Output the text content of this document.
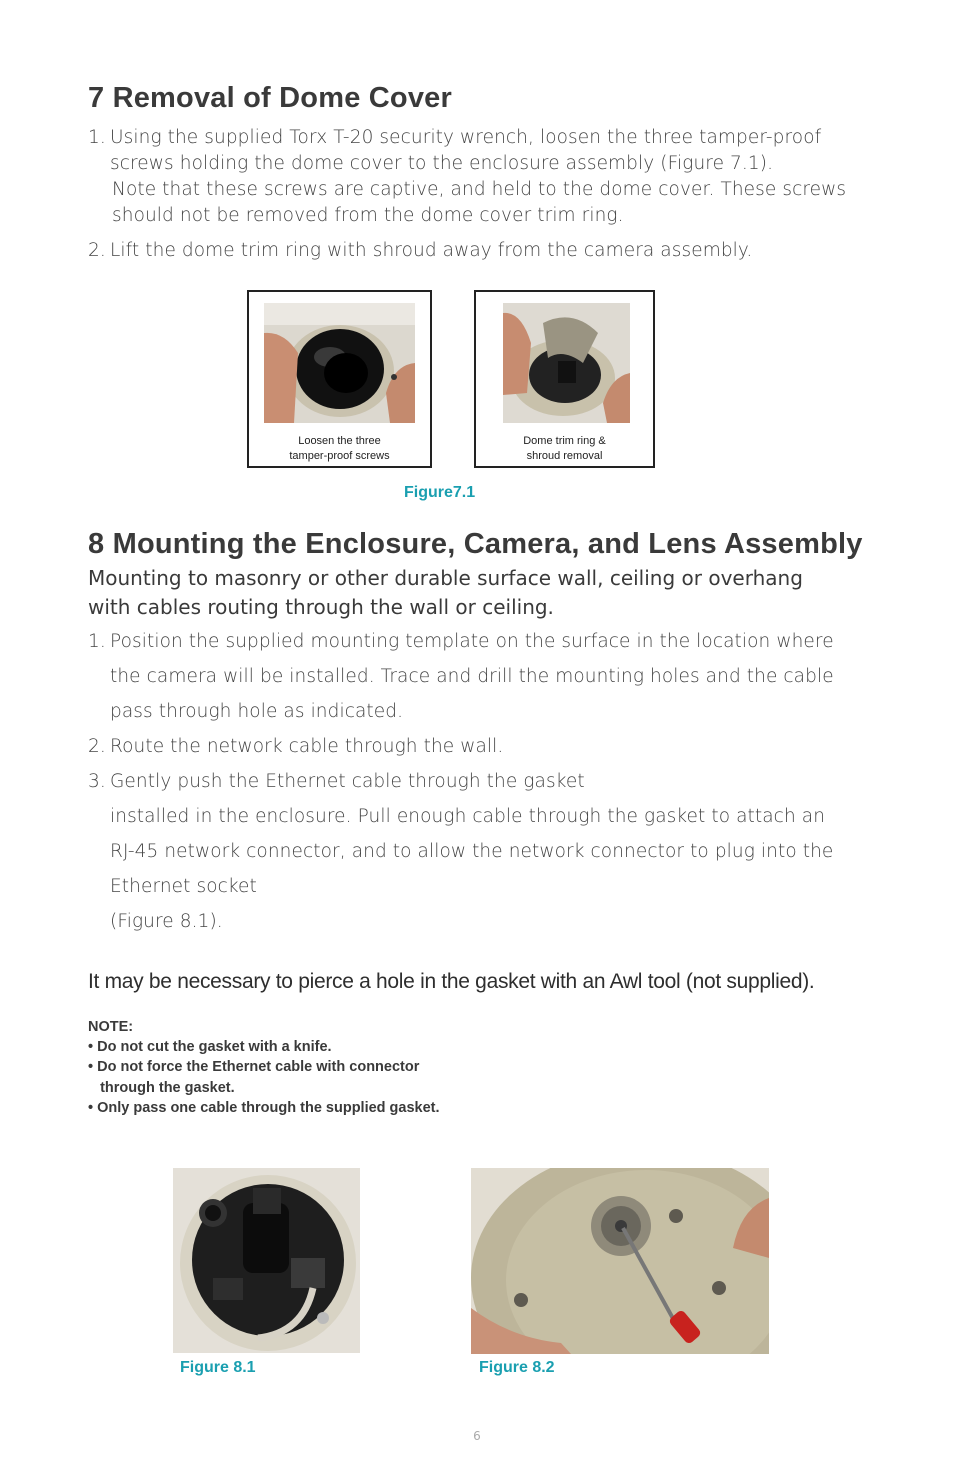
7 Removal of Dome Cover
1. Using the supplied Torx T-20 security wrench, loosen the three tamper-proof
screws holding the dome cover to the enclosure assembly (Figure 7.1).
Note that these screws are captive, and held to the dome cover. These screws
should not be removed from the dome cover trim ring.
2. Lift the dome trim ring with shroud away from the camera assembly.
Loosen the three
tamper-proof screws
Dome trim ring &
shroud removal
Figure7.1
8 Mounting the Enclosure, Camera, and Lens Assembly
Mounting to masonry or other durable surface wall, ceiling or overhang
with cables routing through the wall or ceiling.
1. Position the supplied mounting template on the surface in the location where
the camera will be installed. Trace and drill the mounting holes and the cable
pass through hole as indicated.
2. Route the network cable through the wall.
3. Gently push the Ethernet cable through the gasket
installed in the enclosure. Pull enough cable through the gasket to attach an
RJ-45 network connector, and to allow the network connector to plug into the
Ethernet socket
(Figure 8.1).
It may be necessary to pierce a hole in the gasket with an Awl tool (not supplied).
NOTE:
• Do not cut the gasket with a knife.
• Do not force the Ethernet cable with connector
through the gasket.
• Only pass one cable through the supplied gasket.
Figure 8.1	Figure 8.2
6
